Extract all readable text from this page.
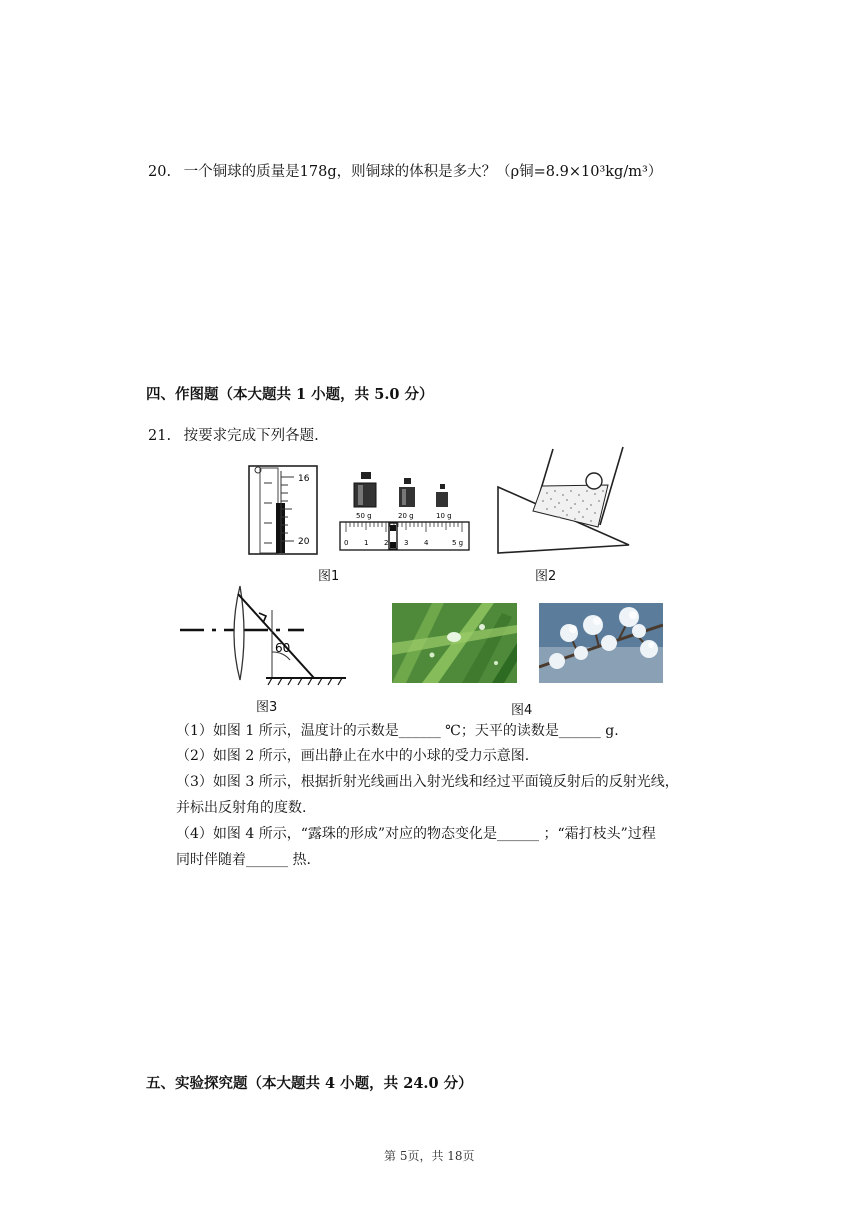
20. 一个铜球的质量是178g，则铜球的体积是多大？（ρ铜=8.9×10³kg/m³）
四、作图题（本大题共 1 小题，共 5.0 分）
21. 按要求完成下列各题.
16
20
50 g	20 g	10 g
0 1 2 3 4	5 g
图1	图2
60
图3	图4
（1）如图 1 所示，温度计的示数是______ ℃；天平的读数是______ g.
（2）如图 2 所示，画出静止在水中的小球的受力示意图.
（3）如图 3 所示，根据折射光线画出入射光线和经过平面镜反射后的反射光线，
并标出反射角的度数.
（4）如图 4 所示，“露珠的形成”对应的物态变化是______ ；“霜打枝头”过程
同时伴随着______ 热.
五、实验探究题（本大题共 4 小题，共 24.0 分）
第 5页，共 18页
